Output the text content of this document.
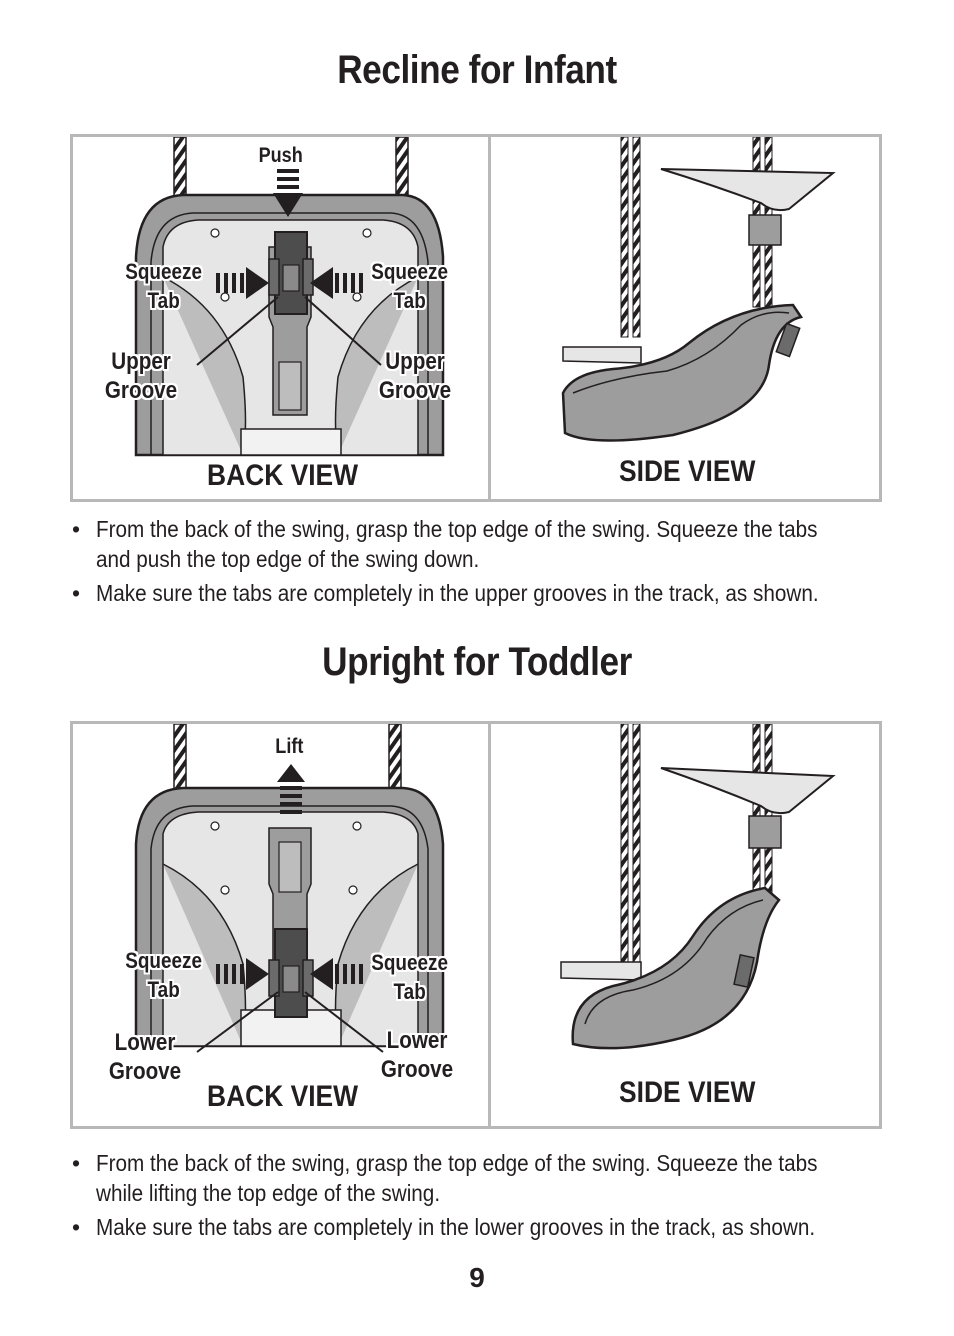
Recline for Infant
Push
Squeeze
Tab
Squeeze
Tab
Upper
Groove
Upper
Groove
BACK VIEW	SIDE VIEW
• From the back of the swing, grasp the top edge of the swing. Squeeze the tabs and push the top edge of the swing down.
• Make sure the tabs are completely in the upper grooves in the track, as shown.
Upright for Toddler
Lift
Squeeze
Tab
Squeeze
Tab
Lower
Groove
Lower
Groove
BACK VIEW	SIDE VIEW
• From the back of the swing, grasp the top edge of the swing. Squeeze the tabs while lifting the top edge of the swing.
• Make sure the tabs are completely in the lower grooves in the track, as shown.
9
